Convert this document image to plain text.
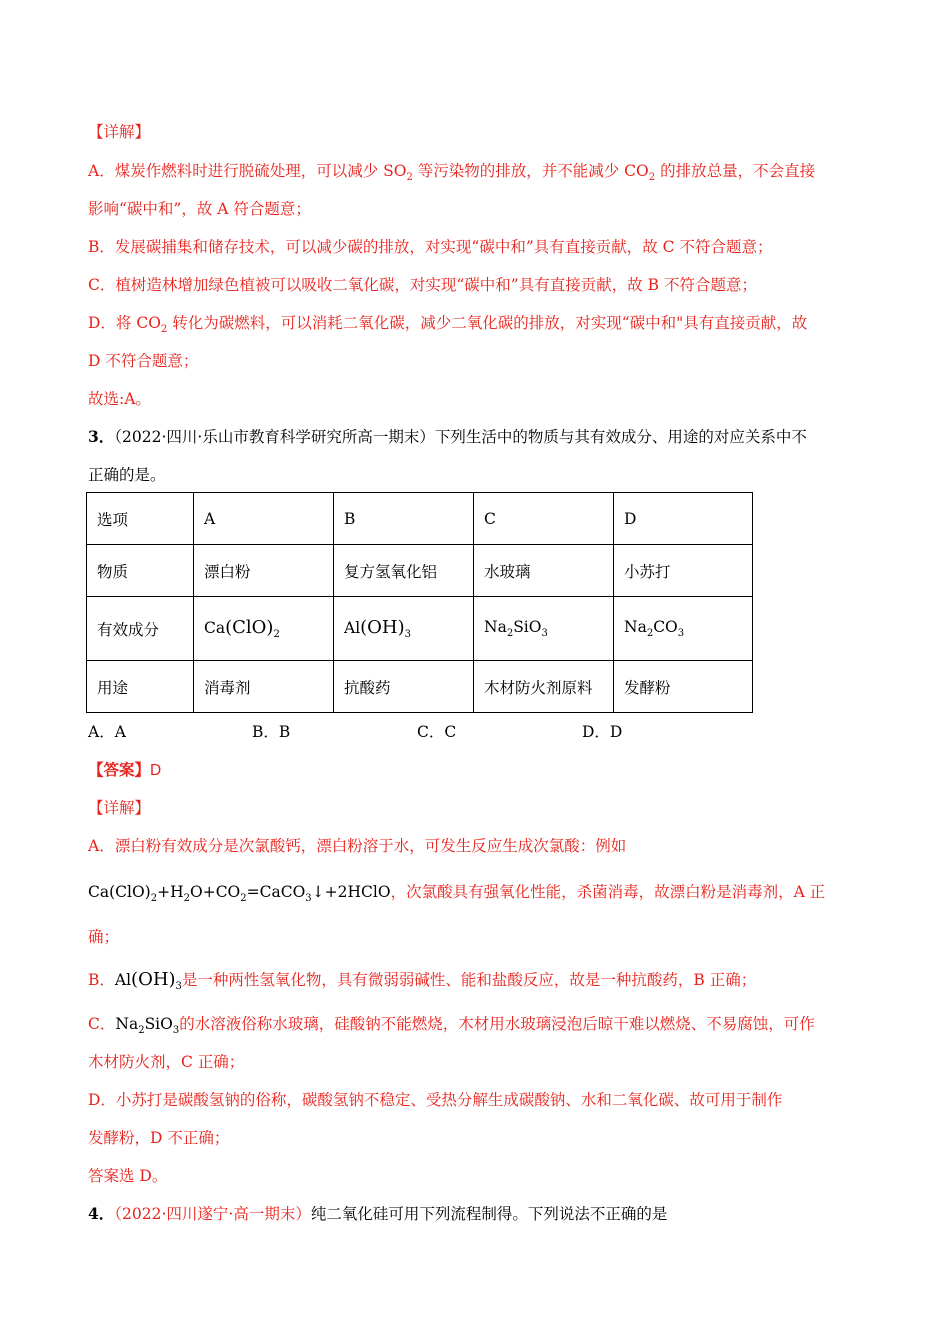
【详解】
A．煤炭作燃料时进行脱硫处理，可以减少 $SO_2$ 等污染物的排放，并不能减少 $CO_2$ 的排放总量，不会直接
影响“碳中和”，故 A 符合题意；
B．发展碳捕集和储存技术，可以减少碳的排放，对实现“碳中和”具有直接贡献，故 C 不符合题意；
C．植树造林增加绿色植被可以吸收二氧化碳，对实现“碳中和”具有直接贡献，故 B 不符合题意；
D．将 $CO_2$ 转化为碳燃料，可以消耗二氧化碳，减少二氧化碳的排放，对实现“碳中和"具有直接贡献，故
D 不符合题意；
故选:A。
3．（2022·四川·乐山市教育科学研究所高一期末）下列生活中的物质与其有效成分、用途的对应关系中不
正确的是。
选项	A	B	C	D
物质	漂白粉	复方氢氧化铝	水玻璃	小苏打
有效成分	$Ca(ClO)_2$	$Al(OH)_3$	$Na_2SiO_3$	$Na_2CO_3$
用途	消毒剂	抗酸药	木材防火剂原料	发酵粉
A．A	B．B	C．C	D．D
【答案】D
【详解】
A．漂白粉有效成分是次氯酸钙，漂白粉溶于水，可发生反应生成次氯酸：例如
$Ca(ClO)_2+H_2O+CO_2=CaCO_3↓+2HClO$，次氯酸具有强氧化性能，杀菌消毒，故漂白粉是消毒剂，A 正
确；
B．$Al(OH)_3$是一种两性氢氧化物，具有微弱弱碱性、能和盐酸反应，故是一种抗酸药，B 正确；
C．$Na_2SiO_3$的水溶液俗称水玻璃，硅酸钠不能燃烧，木材用水玻璃浸泡后晾干难以燃烧、不易腐蚀，可作
木材防火剂，C 正确；
D．小苏打是碳酸氢钠的俗称，碳酸氢钠不稳定、受热分解生成碳酸钠、水和二氧化碳、故可用于制作
发酵粉，D 不正确；
答案选 D。
4．（2022·四川遂宁·高一期末）纯二氧化硅可用下列流程制得。下列说法不正确的是
